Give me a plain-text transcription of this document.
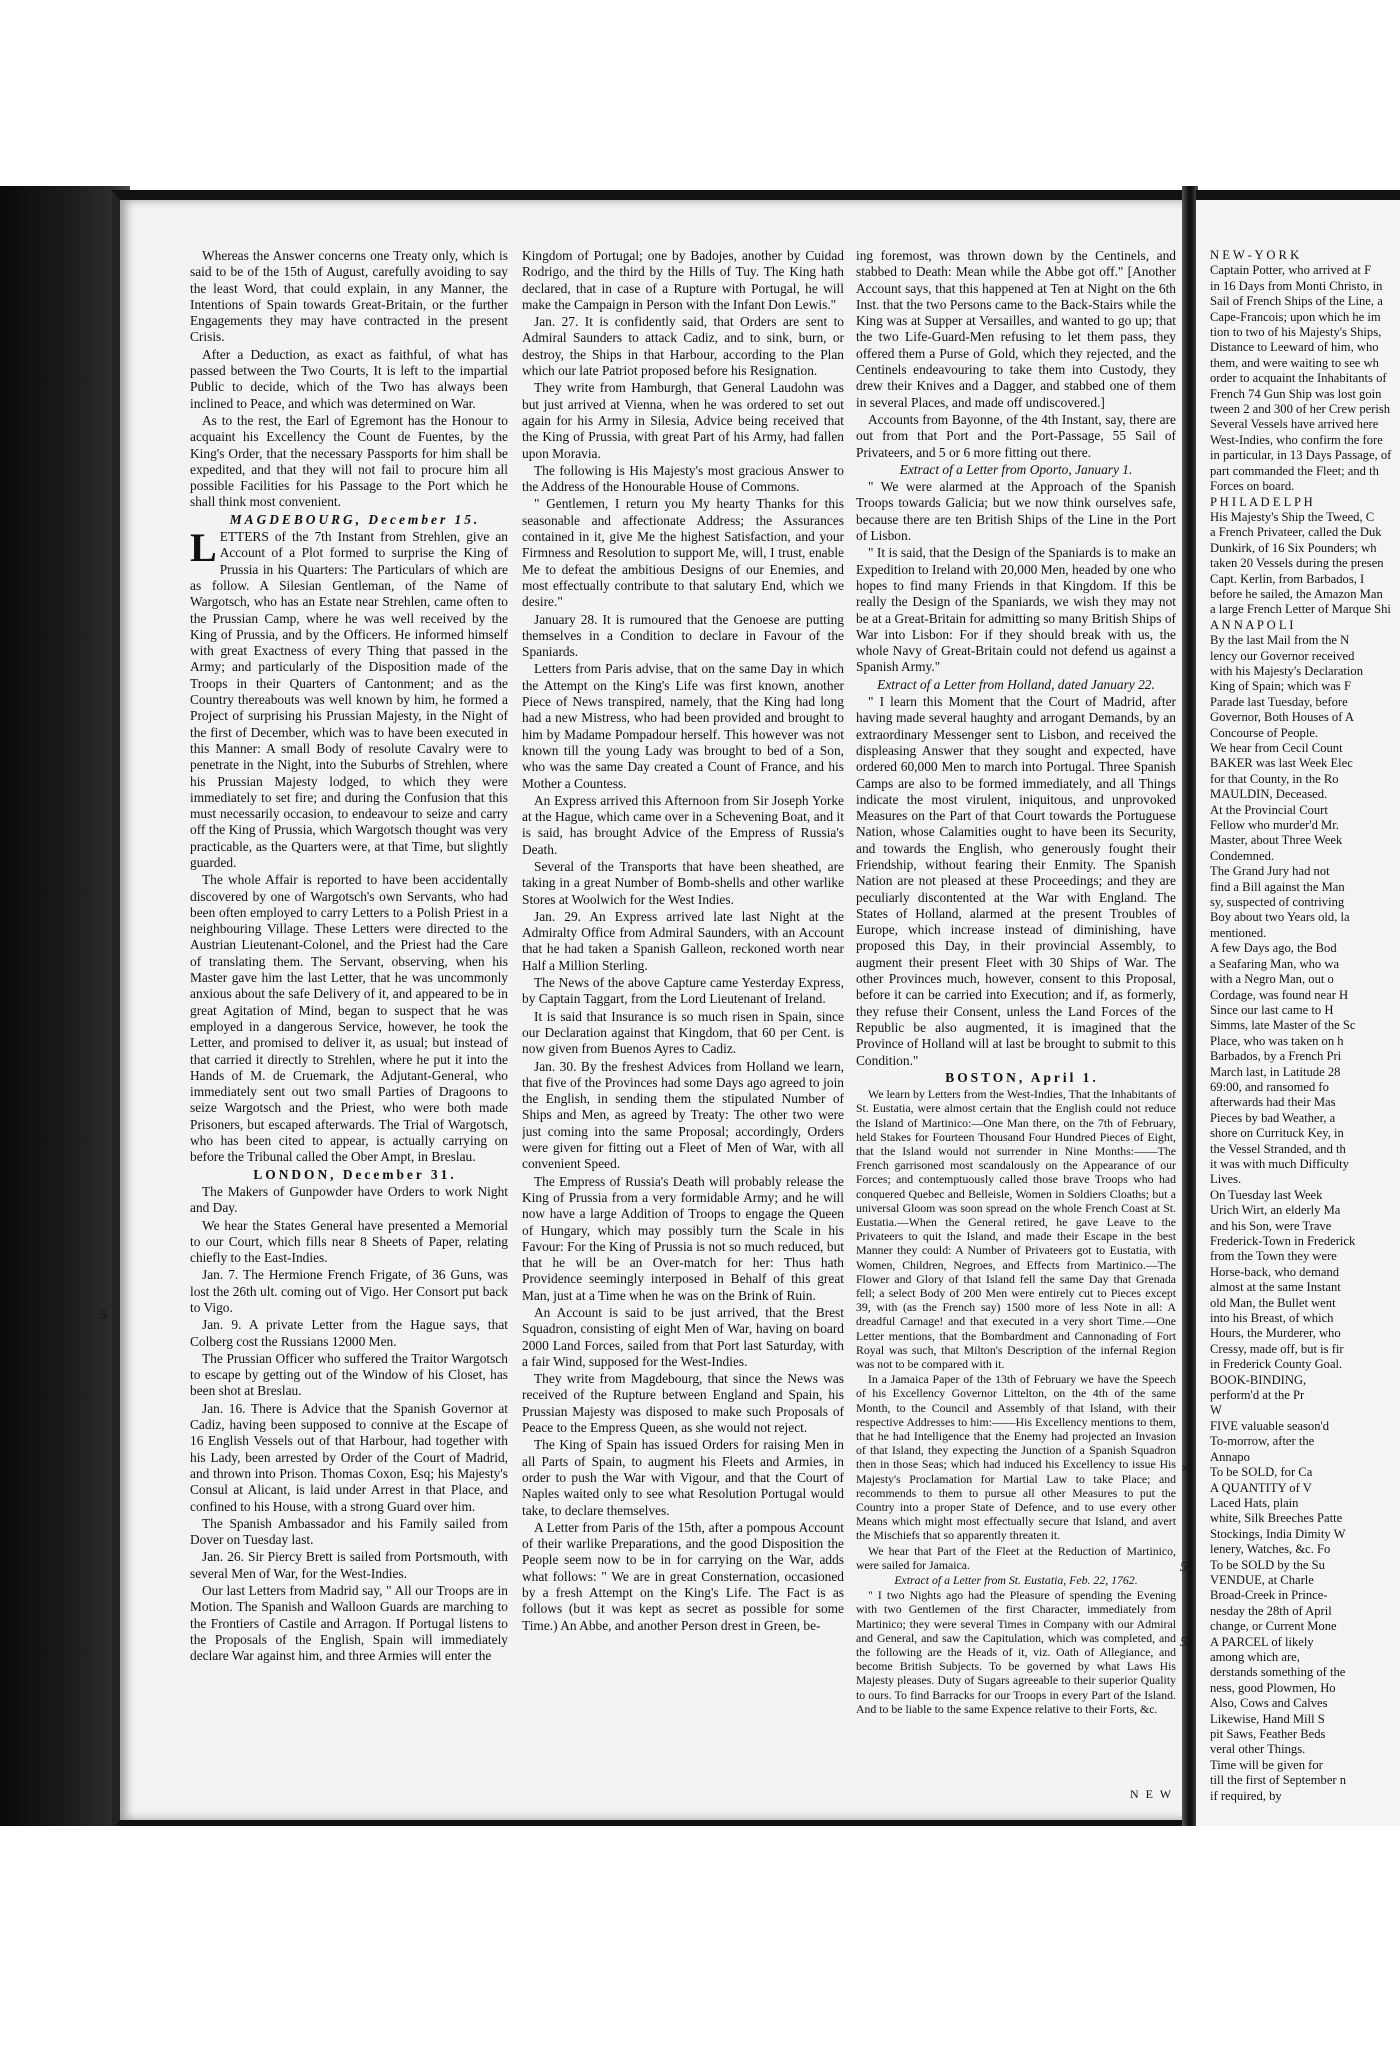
Whereas the Answer concerns one Treaty only, which is said to be of the 15th of August, carefully avoiding to say the least Word, that could explain, in any Manner, the Intentions of Spain towards Great-Britain, or the further Engagements they may have contracted in the present Crisis.

After a Deduction, as exact as faithful, of what has passed between the Two Courts, It is left to the impartial Public to decide, which of the Two has always been inclined to Peace, and which was determined on War.

As to the rest, the Earl of Egremont has the Honour to acquaint his Excellency the Count de Fuentes, by the King's Order, that the necessary Passports for him shall be expedited, and that they will not fail to procure him all possible Facilities for his Passage to the Port which he shall think most convenient.

MAGDEBOURG, December 15.

L ETTERS of the 7th Instant from Strehlen, give an Account of a Plot formed to surprise the King of Prussia in his Quarters: The Particulars of which are as follow. A Silesian Gentleman, of the Name of Wargotsch, who has an Estate near Strehlen, came often to the Prussian Camp, where he was well received by the King of Prussia, and by the Officers. He informed himself with great Exactness of every Thing that passed in the Army; and particularly of the Disposition made of the Troops in their Quarters of Cantonment; and as the Country thereabouts was well known by him, he formed a Project of surprising his Prussian Majesty, in the Night of the first of December, which was to have been executed in this Manner: A small Body of resolute Cavalry were to penetrate in the Night, into the Suburbs of Strehlen, where his Prussian Majesty lodged, to which they were immediately to set fire; and during the Confusion that this must necessarily occasion, to endeavour to seize and carry off the King of Prussia, which Wargotsch thought was very practicable, as the Quarters were, at that Time, but slightly guarded.

The whole Affair is reported to have been accidentally discovered by one of Wargotsch's own Servants, who had been often employed to carry Letters to a Polish Priest in a neighbouring Village. These Letters were directed to the Austrian Lieutenant-Colonel, and the Priest had the Care of translating them. The Servant, observing, when his Master gave him the last Letter, that he was uncommonly anxious about the safe Delivery of it, and appeared to be in great Agitation of Mind, began to suspect that he was employed in a dangerous Service, however, he took the Letter, and promised to deliver it, as usual; but instead of that carried it directly to Strehlen, where he put it into the Hands of M. de Cruemark, the Adjutant-General, who immediately sent out two small Parties of Dragoons to seize Wargotsch and the Priest, who were both made Prisoners, but escaped afterwards. The Trial of Wargotsch, who has been cited to appear, is actually carrying on before the Tribunal called the Ober Ampt, in Breslau.

LONDON, December 31.

The Makers of Gunpowder have Orders to work Night and Day.

We hear the States General have presented a Memorial to our Court, which fills near 8 Sheets of Paper, relating chiefly to the East-Indies.

Jan. 7. The Hermione French Frigate, of 36 Guns, was lost the 26th ult. coming out of Vigo. Her Consort put back to Vigo.

Jan. 9. A private Letter from the Hague says, that Colberg cost the Russians 12000 Men.

The Prussian Officer who suffered the Traitor Wargotsch to escape by getting out of the Window of his Closet, has been shot at Breslau.

Jan. 16. There is Advice that the Spanish Governor at Cadiz, having been supposed to connive at the Escape of 16 English Vessels out of that Harbour, had together with his Lady, been arrested by Order of the Court of Madrid, and thrown into Prison. Thomas Coxon, Esq; his Majesty's Consul at Alicant, is laid under Arrest in that Place, and confined to his House, with a strong Guard over him.

The Spanish Ambassador and his Family sailed from Dover on Tuesday last.

Jan. 26. Sir Piercy Brett is sailed from Portsmouth, with several Men of War, for the West-Indies.

Our last Letters from Madrid say, " All our Troops are in Motion. The Spanish and Walloon Guards are marching to the Frontiers of Castile and Arragon. If Portugal listens to the Proposals of the English, Spain will immediately declare War against him, and three Armies will enter the

Kingdom of Portugal; one by Badojes, another by Cuidad Rodrigo, and the third by the Hills of Tuy. The King hath declared, that in case of a Rupture with Portugal, he will make the Campaign in Person with the Infant Don Lewis."

Jan. 27. It is confidently said, that Orders are sent to Admiral Saunders to attack Cadiz, and to sink, burn, or destroy, the Ships in that Harbour, according to the Plan which our late Patriot proposed before his Resignation.

They write from Hamburgh, that General Laudohn was but just arrived at Vienna, when he was ordered to set out again for his Army in Silesia, Advice being received that the King of Prussia, with great Part of his Army, had fallen upon Moravia.

The following is His Majesty's most gracious Answer to the Address of the Honourable House of Commons.

" Gentlemen, I return you My hearty Thanks for this seasonable and affectionate Address; the Assurances contained in it, give Me the highest Satisfaction, and your Firmness and Resolution to support Me, will, I trust, enable Me to defeat the ambitious Designs of our Enemies, and most effectually contribute to that salutary End, which we desire."

January 28. It is rumoured that the Genoese are putting themselves in a Condition to declare in Favour of the Spaniards.

Letters from Paris advise, that on the same Day in which the Attempt on the King's Life was first known, another Piece of News transpired, namely, that the King had long had a new Mistress, who had been provided and brought to him by Madame Pompadour herself. This however was not known till the young Lady was brought to bed of a Son, who was the same Day created a Count of France, and his Mother a Countess.

An Express arrived this Afternoon from Sir Joseph Yorke at the Hague, which came over in a Schevening Boat, and it is said, has brought Advice of the Empress of Russia's Death.

Several of the Transports that have been sheathed, are taking in a great Number of Bomb-shells and other warlike Stores at Woolwich for the West Indies.

Jan. 29. An Express arrived late last Night at the Admiralty Office from Admiral Saunders, with an Account that he had taken a Spanish Galleon, reckoned worth near Half a Million Sterling.

The News of the above Capture came Yesterday Express, by Captain Taggart, from the Lord Lieutenant of Ireland.

It is said that Insurance is so much risen in Spain, since our Declaration against that Kingdom, that 60 per Cent. is now given from Buenos Ayres to Cadiz.

Jan. 30. By the freshest Advices from Holland we learn, that five of the Provinces had some Days ago agreed to join the English, in sending them the stipulated Number of Ships and Men, as agreed by Treaty: The other two were just coming into the same Proposal; accordingly, Orders were given for fitting out a Fleet of Men of War, with all convenient Speed.

The Empress of Russia's Death will probably release the King of Prussia from a very formidable Army; and he will now have a large Addition of Troops to engage the Queen of Hungary, which may possibly turn the Scale in his Favour: For the King of Prussia is not so much reduced, but that he will be an Over-match for her: Thus hath Providence seemingly interposed in Behalf of this great Man, just at a Time when he was on the Brink of Ruin.

An Account is said to be just arrived, that the Brest Squadron, consisting of eight Men of War, having on board 2000 Land Forces, sailed from that Port last Saturday, with a fair Wind, supposed for the West-Indies.

They write from Magdebourg, that since the News was received of the Rupture between England and Spain, his Prussian Majesty was disposed to make such Proposals of Peace to the Empress Queen, as she would not reject.

The King of Spain has issued Orders for raising Men in all Parts of Spain, to augment his Fleets and Armies, in order to push the War with Vigour, and that the Court of Naples waited only to see what Resolution Portugal would take, to declare themselves.

A Letter from Paris of the 15th, after a pompous Account of their warlike Preparations, and the good Disposition the People seem now to be in for carrying on the War, adds what follows: " We are in great Consternation, occasioned by a fresh Attempt on the King's Life. The Fact is as follows (but it was kept as secret as possible for some Time.) An Abbe, and another Person drest in Green, be-

ing foremost, was thrown down by the Centinels, and stabbed to Death: Mean while the Abbe got off." [Another Account says, that this happened at Ten at Night on the 6th Inst. that the two Persons came to the Back-Stairs while the King was at Supper at Versailles, and wanted to go up; that the two Life-Guard-Men refusing to let them pass, they offered them a Purse of Gold, which they rejected, and the Centinels endeavouring to take them into Custody, they drew their Knives and a Dagger, and stabbed one of them in several Places, and made off undiscovered.]

Accounts from Bayonne, of the 4th Instant, say, there are out from that Port and the Port-Passage, 55 Sail of Privateers, and 5 or 6 more fitting out there.

Extract of a Letter from Oporto, January 1.

" We were alarmed at the Approach of the Spanish Troops towards Galicia; but we now think ourselves safe, because there are ten British Ships of the Line in the Port of Lisbon.

" It is said, that the Design of the Spaniards is to make an Expedition to Ireland with 20,000 Men, headed by one who hopes to find many Friends in that Kingdom. If this be really the Design of the Spaniards, we wish they may not be at a Great-Britain for admitting so many British Ships of War into Lisbon: For if they should break with us, the whole Navy of Great-Britain could not defend us against a Spanish Army."

Extract of a Letter from Holland, dated January 22.

" I learn this Moment that the Court of Madrid, after having made several haughty and arrogant Demands, by an extraordinary Messenger sent to Lisbon, and received the displeasing Answer that they sought and expected, have ordered 60,000 Men to march into Portugal. Three Spanish Camps are also to be formed immediately, and all Things indicate the most virulent, iniquitous, and unprovoked Measures on the Part of that Court towards the Portuguese Nation, whose Calamities ought to have been its Security, and towards the English, who generously fought their Friendship, without fearing their Enmity. The Spanish Nation are not pleased at these Proceedings; and they are peculiarly discontented at the War with England. The States of Holland, alarmed at the present Troubles of Europe, which increase instead of diminishing, have proposed this Day, in their provincial Assembly, to augment their present Fleet with 30 Ships of War. The other Provinces much, however, consent to this Proposal, before it can be carried into Execution; and if, as formerly, they refuse their Consent, unless the Land Forces of the Republic be also augmented, it is imagined that the Province of Holland will at last be brought to submit to this Condition."

BOSTON, April 1.

We learn by Letters from the West-Indies, That the Inhabitants of St. Eustatia, were almost certain that the English could not reduce the Island of Martinico:—One Man there, on the 7th of February, held Stakes for Fourteen Thousand Four Hundred Pieces of Eight, that the Island would not surrender in Nine Months:——The French garrisoned most scandalously on the Appearance of our Forces; and contemptuously called those brave Troops who had conquered Quebec and Belleisle, Women in Soldiers Cloaths; but a universal Gloom was soon spread on the whole French Coast at St. Eustatia.—When the General retired, he gave Leave to the Privateers to quit the Island, and made their Escape in the best Manner they could: A Number of Privateers got to Eustatia, with Women, Children, Negroes, and Effects from Martinico.—The Flower and Glory of that Island fell the same Day that Grenada fell; a select Body of 200 Men were entirely cut to Pieces except 39, with (as the French say) 1500 more of less Note in all: A dreadful Carnage! and that executed in a very short Time.—One Letter mentions, that the Bombardment and Cannonading of Fort Royal was such, that Milton's Description of the infernal Region was not to be compared with it.

In a Jamaica Paper of the 13th of February we have the Speech of his Excellency Governor Littelton, on the 4th of the same Month, to the Council and Assembly of that Island, with their respective Addresses to him:——His Excellency mentions to them, that he had Intelligence that the Enemy had projected an Invasion of that Island, they expecting the Junction of a Spanish Squadron then in those Seas; which had induced his Excellency to issue His Majesty's Proclamation for Martial Law to take Place; and recommends to them to pursue all other Measures to put the Country into a proper State of Defence, and to use every other Means which might most effectually secure that Island, and avert the Mischiefs that so apparently threaten it.

We hear that Part of the Fleet at the Reduction of Martinico, were sailed for Jamaica.

Extract of a Letter from St. Eustatia, Feb. 22, 1762.

" I two Nights ago had the Pleasure of spending the Evening with two Gentlemen of the first Character, immediately from Martinico; they were several Times in Company with our Admiral and General, and saw the Capitulation, which was completed, and the following are the Heads of it, viz. Oath of Allegiance, and become British Subjects. To be governed by what Laws His Majesty pleases. Duty of Sugars agreeable to their superior Quality to ours. To find Barracks for our Troops in every Part of the Island. And to be liable to the same Expence relative to their Forts, &c.

N E W - Y O R K
Captain Potter, who arrived at F
in 16 Days from Monti Christo, in
Sail of French Ships of the Line, a
Cape-Francois; upon which he im
tion to two of his Majesty's Ships,
Distance to Leeward of him, who
them, and were waiting to see wh
order to acquaint the Inhabitants of
French 74 Gun Ship was lost goin
tween 2 and 300 of her Crew perish
Several Vessels have arrived here
West-Indies, who confirm the fore
in particular, in 13 Days Passage, of
part commanded the Fleet; and th
Forces on board.
P H I L A D E L P H
His Majesty's Ship the Tweed, C
a French Privateer, called the Duk
Dunkirk, of 16 Six Pounders; wh
taken 20 Vessels during the presen
Capt. Kerlin, from Barbados, I
before he sailed, the Amazon Man
a large French Letter of Marque Shi
A N N A P O L I
By the last Mail from the N
lency our Governor received
with his Majesty's Declaration
King of Spain; which was F
Parade last Tuesday, before
Governor, Both Houses of A
Concourse of People.
We hear from Cecil Count
BAKER was last Week Elec
for that County, in the Ro
MAULDIN, Deceased.
At the Provincial Court
Fellow who murder'd Mr.
Master, about Three Week
Condemned.
The Grand Jury had not
find a Bill against the Man
sy, suspected of contriving
Boy about two Years old, la
mentioned.
A few Days ago, the Bod
a Seafaring Man, who wa
with a Negro Man, out o
Cordage, was found near H
Since our last came to H
Simms, late Master of the Sc
Place, who was taken on h
Barbados, by a French Pri
March last, in Latitude 28
69:00, and ransomed fo
afterwards had their Mas
Pieces by bad Weather, a
shore on Currituck Key, in
the Vessel Stranded, and th
it was with much Difficulty
Lives.
On Tuesday last Week
Urich Wirt, an elderly Ma
and his Son, were Trave
Frederick-Town in Frederick
from the Town they were
Horse-back, who demand
almost at the same Instant
old Man, the Bullet went
into his Breast, of which
Hours, the Murderer, who
Cressy, made off, but is fir
in Frederick County Goal.
BOOK-BINDING,
perform'd at the Pr
W
FIVE valuable season'd
To-morrow, after the
Annapo
To be SOLD, for Ca
A QUANTITY of V
Laced Hats, plain
white, Silk Breeches Patte
Stockings, India Dimity W
lenery, Watches, &c. Fo
To be SOLD by the Su
VENDUE, at Charle
Broad-Creek in Prince-
nesday the 28th of April
change, or Current Mone
A PARCEL of likely
among which are,
derstands something of the
ness, good Plowmen, Ho
Also, Cows and Calves
Likewise, Hand Mill S
pit Saws, Feather Beds
veral other Things.
Time will be given for
till the first of September n
if required, by
N E W
5
×|
5|
5|
